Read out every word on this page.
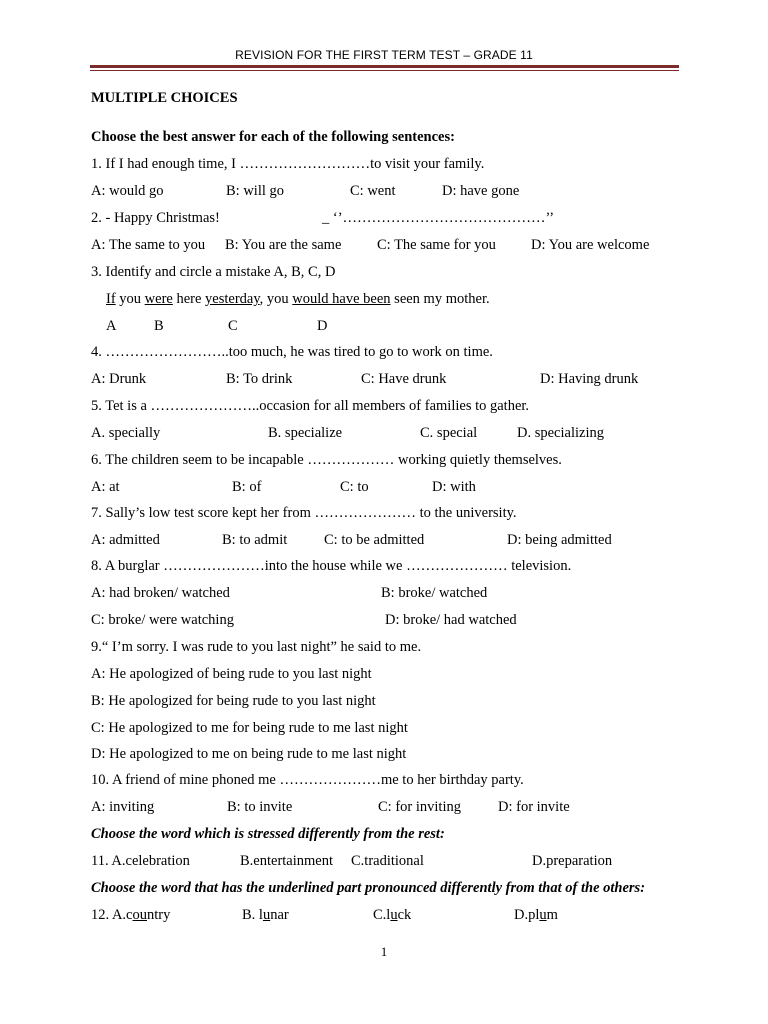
REVISION FOR THE FIRST TERM TEST – GRADE 11
MULTIPLE CHOICES
Choose the best answer for each of the following sentences:
1. If I had enough time, I ………………………to visit your family.
A: would go	B: will go	C: went	D: have gone
2. - Happy Christmas!	_ ‘’……………………………………’’
A: The same to you B: You are the same C: The same for you D: You are welcome
3. Identify and circle a mistake A, B, C, D
If you were here yesterday, you would have been seen my mother.
A	B	C	D
4. ……………………..too much, he was tired to go to work on time.
A: Drunk	B: To drink	C: Have drunk	D: Having drunk
5. Tet is a …………………..occasion for all members of families to gather.
A. specially	B. specialize	C. special	D. specializing
6. The children seem to be incapable ……………… working quietly themselves.
A: at	B: of	C: to	D: with
7. Sally’s low test score kept her from ………………… to the university.
A: admitted	B: to admit	C: to be admitted	D: being admitted
8. A burglar …………………into the house while we ………………… television.
A: had broken/ watched	B: broke/ watched
C: broke/ were watching	D: broke/ had watched
9.“ I’m sorry. I was rude to you last night” he said to me.
A: He apologized of being rude to you last night
B: He apologized for being rude to you last night
C: He apologized to me for being rude to me last night
D: He apologized to me on being rude to me last night
10. A friend of mine phoned me …………………me to her birthday party.
A: inviting	B: to invite	C: for inviting	D: for invite
Choose the word which is stressed differently from the rest:
11. A.celebration	B.entertainment C.traditional	D.preparation
Choose the word that has the underlined part pronounced differently from that of the others:
12. A.country	B. lunar	C.luck	D.plum
1
